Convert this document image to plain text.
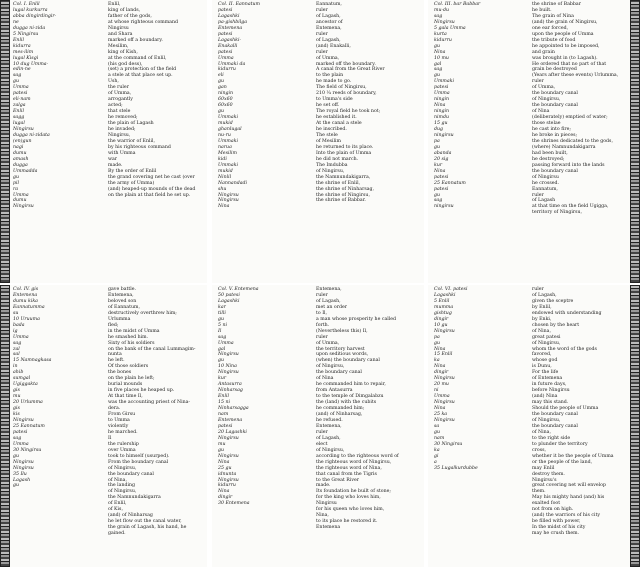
Col. I. Enlil
lugal kurkurra
abba dingirdingir-
ne
dugga ni-zida
5 Ningirsu
Enlil
kidurra
mes-ilim
lugal Kisgi
10 dug Umma-
edin-ne
sag
gu
Umma
patesi
eli-nam
zalga
Enlil
sagg
lugal
Ningirsu
dugga ni-zidata
(en)gun
nagi
dumu
amash
dugga
Ummadda
gu
pil
ra
Umma
dumu
Ningirsu
Enlil,
king of lands,
father of the gods,
at whose righteous command
Ningirsu
and Shara
marked off a boundary.
Mesilim,
king of Kish,
at the command of Enlil,
(his god dess),
(set) a protection of the field
a stele at that place set up.
Ush,
the ruler
of Umma,
arrogantly
acted;
that stele
he removed;
the plain of Lagash
he invaded;
Ningirsu,
the warrior of Enlil,
by his righteous command
with Umma
war
made.
By the order of Enlil
the grand covering net he cast (over
the army of Umma)
(and) heaped-up mounds of the dead
on the plain at that field he set up.
Col. II. Eannatum
patesi
Lagashki
pa-gishbilga
Entemena
patesi
Lagashki-
Enakalli
patesi
Umma
Ummaki da
kidurru
eli
gu
gan
ningin
60x60
60x60
gu
Ummaki
mukid
ghanlugal
nu-ru
Ummaki
narua
Mesilim
kidi
Ummaki
mukid
Ninlil
Nannandadi
shu
Ningirsu
Ningirsu
Nina
Eannatum,
ruler
of Lagash,
ancestor of
Entemena,
ruler
of Lagash,
(and) Enakalli,
ruler
of Umma,
marked off the boundary.
A canal from the Great River
to the plain
he made to go.
The field of Ningirsu,
210 ¼ reeds of boundary,
to Umma's side
he set off.
The royal field he took not;
he established it.
At the canal a stele
he inscribed.
The stele
of Mesilim
he returned to its place.
Into the plain of Umma
he did not march.
The Imdubba
of Ningirsu,
the Namnundakigarra,
the shrine of Enlil,
the shrine of Ninharsag,
the shrine of Ningirsu,
the shrine of Babbar.
Col. III. bar Babbar
mu-du
sag
Ningirsu
5 gala Umma
kurta
kidurru
gu
Nina
10 mu
gal
sag
gu
Ummaki
patesi
Umma
ningin
Nina
ningin
nimdu
15 gu
dug
ningirsu
pa
gu
abanda
20 sig
kur
Nina
patesi
25 Eannatum
patesi
gu
sag
ningirsu
the shrine of Babbar
he built.
The grain of Nina
(and) the grain of Ningirsu,
one ear forced,
upon the people of Umma
the tribute of food
he appointed to be imposed,
and grain
was brought in (to Lagash).
He ordered that no part of that
grain be destroyed
(Years after these events) Urlumma,
ruler
of Umma,
the boundary canal
of Ningirsu,
the boundary canal
of Nina
(deliberately) emptied of water;
those stelae
he cast into fire;
he broke in pieces;
the shrines dedicated to the gods,
(where) Namnundakigarra
had been built,
he destroyed;
passing forward into the lands
the boundary canal
of Ningirsu
he crossed.
Eannatum,
ruler
of Lagash
at that time on the field Ugigga,
territory of Ningirsu,
Col. IV. gis
Entemena
dumu kika
Eannatumma
su
10 Uruuma
bada
ig
Umma
sag
zal
sal
15 Namnagkasa
in
ahib
sumgal
Ugiggakta
gis
mu
20 Urlumma
gis
kis
Ningirsu
25 Eannatum
patesi
sag
Umma
30 Ningirsu
gu
Ningirsu
Ningirsu
35 Ilu
Lagash
gu
gave battle.
Entemena,
beloved son
of Eannatum,
destructively overthrew him;
Urlumma
fled;
in the midst of Umma
he smashed him.
Sixty of his soldiers
on the bank of the canal Lummagim-
nunta
he left.
Of those soldiers
the bones
on the plain he left;
burial mounds
in five places he heaped up.
At that time Il,
was the accounting priest of Nina-
dera.
From Girsu
to Umma
violently
he marched.
Il
the rulership
over Umma
took to himself (usurped).
From the boundary canal
of Ningirsu,
the boundary canal
of Nina,
the landing
of Ningirsu,
the Namnundakigarra
of Enlil,
of Kis,
(and) of Ninharsag
he let flow out the canal water,
the grain of Lagash, his hand, he
gained.
Col. V. Entemena
50 patesi
Lagashki
kar
tilli
gu
5 ni
Il
sag
Umma
gal
Ningirsu
gu
10 Nina
Ningirsu
kur
Antasurra
Ninharsag
Enlil
15 ni
Ninharsagga
nam
Entemena
patesi
20 Lagashki
Ningirsu
mu
gu
Ningirsu
Nina
25 gu
idnunta
Ningirsu
kidurru
Nina
dingir
30 Entemena
Entemena,
ruler
of Lagash,
met an order
to Il,
a man whose prosperity he called
forth.
(Nevertheless this) Il,
ruler
of Umma,
the territory harvest
upon seditious words,
(when) the boundary canal
of Ningirsu,
the boundary canal
of Nina
he commanded him to repair,
from Antasurra
to the temple of Dimgalabzu
the (land) with the cubits
he commanded him;
(and) of Ninharsag,
he refused.
Entemena,
ruler
of Lagash,
elect
of Ningirsu,
according to the righteous word of
the righteous word of Ningirsu,
the righteous word of Nina,
that canal from the Tigris
to the Great River
made.
Its foundation he built of stone;
for the king who loves him,
Ningirsu
for his queen who loves him,
Nina,
to its place he restored it.
Entemena
Col. VI. patesi
Lagashki
5 Enlil
mumma
gishtug
dingir
10 gu
Ningirsu
pa
gu
Nina
15 Enlil
ka
Nina
dingir
Ningirsu
20 mu
ni
Umma
Ningirsu
Nina
25 ka
Ningirsu
sa
gu
nam
30 Ningirsu
ka
gi
a
35 Lugalkurdubbe
ruler
of Lagash,
given the sceptre
by Enlil,
endowed with understanding
by Enki,
chosen by the heart
of Nina,
great patesi
of Ningirsu,
whom the word of the gods
favored,
whose god
is Dunu,
For the life
of Entemena
in future days,
before Ningirsu
(and) Nina
may this stand.
Should the people of Umma
the boundary canal
of Ningirsu,
the boundary canal
of Nina,
to the right side
to plunder the territory
cross,
whether it be the people of Umma
or the people of the land,
may Enlil
destroy them.
Ningirsu's
great covering net will envelop
them.
May his mighty hand (and) his
exalted foot
not from on high.
(and) the warriors of his city
be filled with power,
In the midst of his city
may he crush them.
